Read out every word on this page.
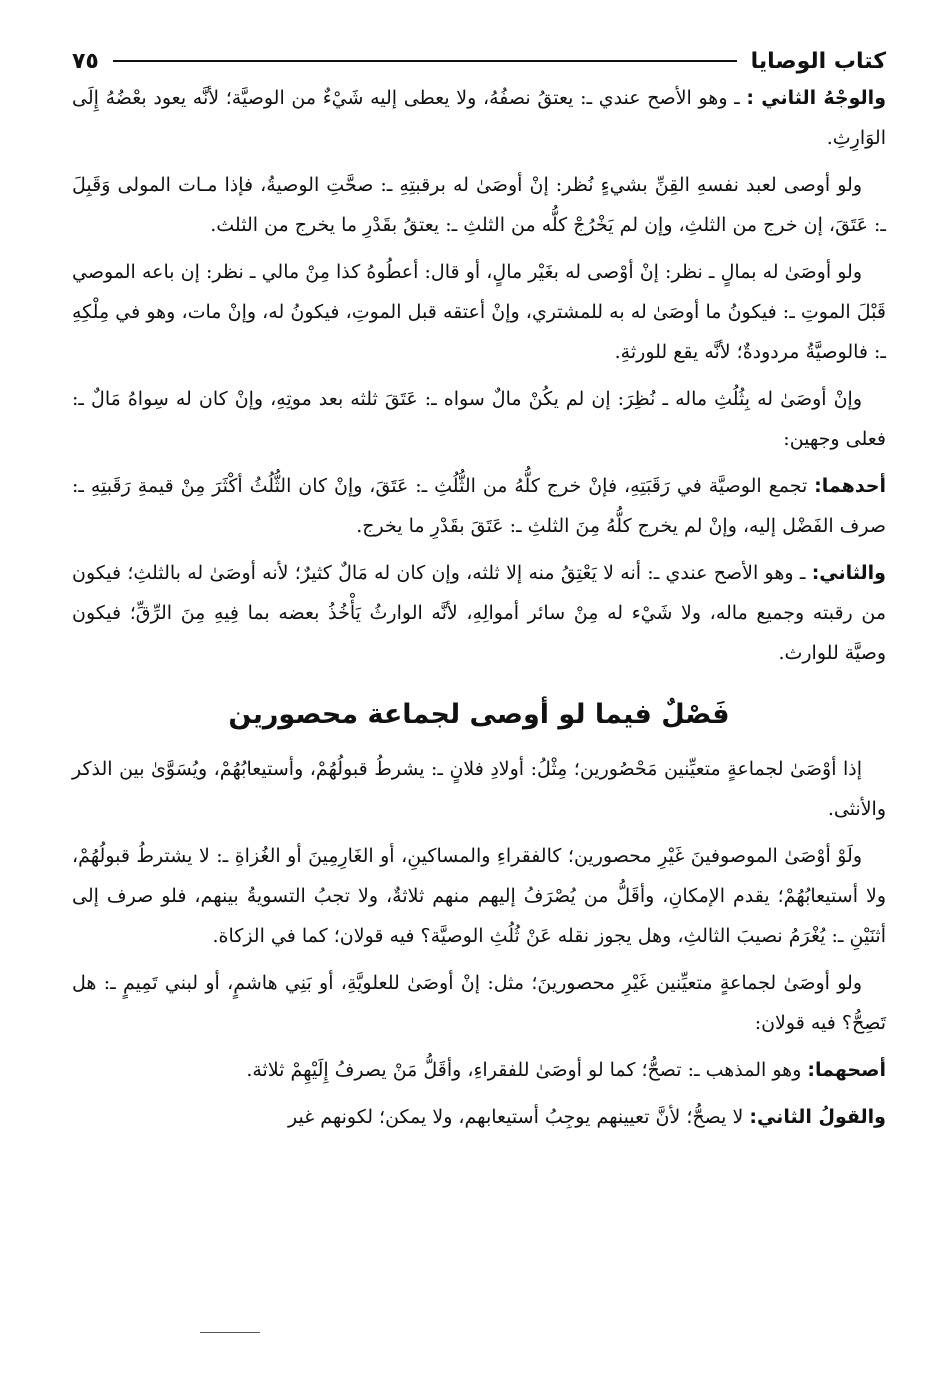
كتاب الوصايا
٧٥

والوجْهُ الثاني : ـ وهو الأصح عندي ـ: يعتقُ نصفُهُ، ولا يعطى إليه شَيْءٌ من الوصيَّة؛ لأنَّه يعود بعْضُهُ إِلَى الوَارِثِ.

ولو أوصى لعبد نفسهِ القِنِّ بشيءٍ نُظر: إنْ أوصَىٰ له برقبتِهِ ـ: صحَّتِ الوصيةُ، فإذا مـات المولى وَقَبِلَ ـ: عَتَقَ، إن خرج من الثلثِ، وإن لم يَخْرُجْ كلُّه من الثلثِ ـ: يعتقُ بقَدْرِ ما يخرج من الثلث.

ولو أوصَىٰ له بمالٍ ـ نظر: إنْ أوْصى له بغَيْر مالٍ، أو قال: أعطُوهُ كذا مِنْ مالي ـ نظر: إن باعه الموصي قَبْلَ الموتِ ـ: فيكونُ ما أوصَىٰ له به للمشتري، وإنْ أعتقه قبل الموتِ، فيكونُ له، وإنْ مات، وهو في مِلْكِهِ ـ: فالوصيَّةُ مردودةٌ؛ لأنَّه يقع للورثةِ.

وإنْ أوصَىٰ له بِثُلُثِ ماله ـ نُظِرَ: إن لم يكُنْ مالٌ سواه ـ: عَتَقَ ثلثه بعد موتِهِ، وإنْ كان له سِواهُ مَالٌ ـ: فعلى وجهين:

أحدهما: تجمع الوصيَّة في رَقَبَتِهِ، فإنْ خرج كلُّهُ من الثُّلُثِ ـ: عَتَقَ، وإنْ كان الثُّلُثُ أكْثَرَ مِنْ قيمةِ رَقَبتِهِ ـ: صرف الفَضْل إليه، وإنْ لم يخرج كلُّهُ مِنَ الثلثِ ـ: عَتَقَ بقَدْرِ ما يخرج.

والثاني: ـ وهو الأصح عندي ـ: أنه لا يَعْتِقُ منه إلا ثلثه، وإن كان له مَالٌ كثيرٌ؛ لأنه أوصَىٰ له بالثلثِ؛ فيكون من رقبته وجميع ماله، ولا شَيْء له مِنْ سائر أموالِهِ، لأنَّه الوارثُ يَأْخُذُ بعضه بما فِيهِ مِنَ الرِّقِّ؛ فيكون وصيَّة للوارث.

فَصْلٌ فيما لو أوصى لجماعة محصورين

إذا أوْصَىٰ لجماعةٍ متعيِّنين مَحْصُورين؛ مِثْلُ: أولادِ فلانٍ ـ: يشرطُ قبولُهُمْ، وأستيعابُهُمْ، ويُسَوَّىٰ بين الذكر والأنثى.

ولَوْ أوْصَىٰ الموصوفينَ غَيْرِ محصورين؛ كالفقراءِ والمساكينِ، أو الغَارِمِينَ أو الغُزاةِ ـ: لا يشترطُ قبولُهُمْ، ولا أستيعابُهُمْ؛ يقدم الإمكانِ، وأقَلُّ من يُصْرَفُ إليهم منهم ثلاثةٌ، ولا تجبُ التسويةُ بينهم، فلو صرف إلى أثنَيْنِ ـ: يُغْرَمُ نصيبَ الثالثِ، وهل يجوز نقله عَنْ ثُلُثِ الوصيَّة؟ فيه قولان؛ كما في الزكاة.

ولو أوصَىٰ لجماعةٍ متعيِّنين غَيْرِ محصورينَ؛ مثل: إنْ أوصَىٰ للعلويَّةِ، أو بَنِي هاشمٍ، أو لبني تَمِيمٍ ـ: هل تَصِحُّ؟ فيه قولان:

أصحهما: وهو المذهب ـ: تصحُّ؛ كما لو أوصَىٰ للفقراءِ، وأقَلُّ مَنْ يصرفُ إِلَيْهِمْ ثلاثة.

والقولُ الثاني: لا يصحُّ؛ لأنَّ تعيينهم يوجِبُ أستيعابهم، ولا يمكن؛ لكونهم غير
